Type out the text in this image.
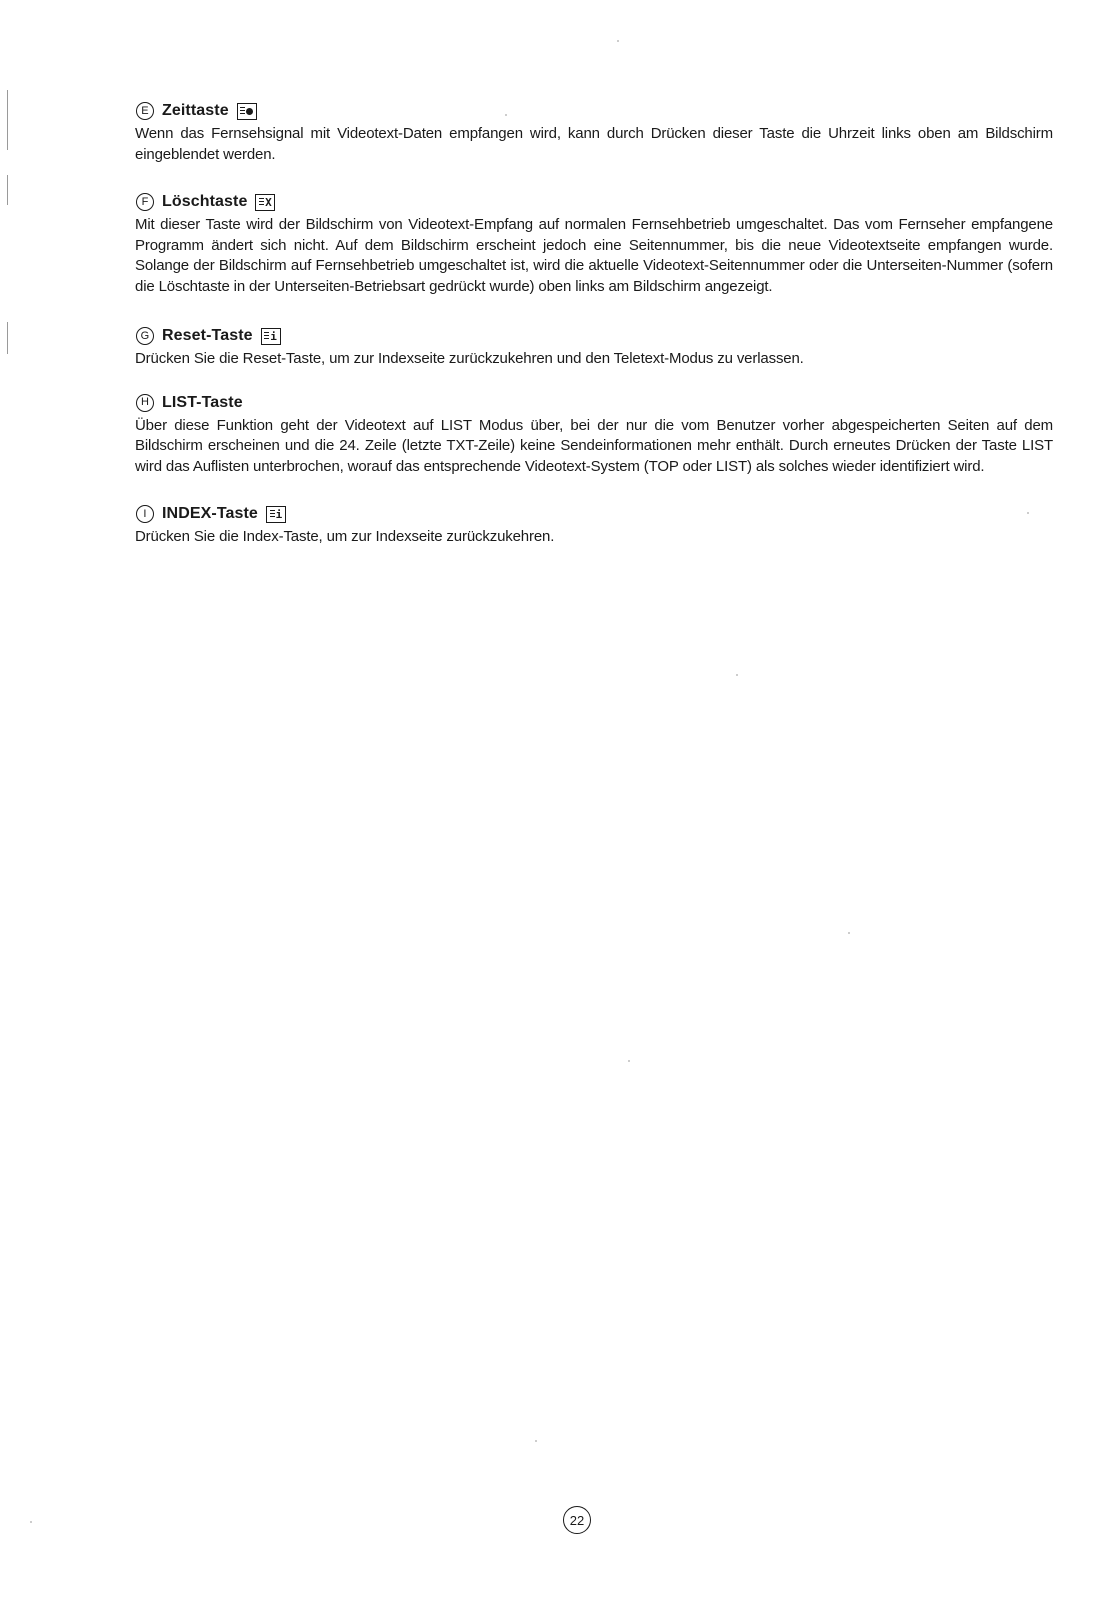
E Zeittaste

Wenn das Fernsehsignal mit Videotext-Daten empfangen wird, kann durch Drücken dieser Taste die Uhrzeit links oben am Bildschirm eingeblendet werden.

F Löschtaste X

Mit dieser Taste wird der Bildschirm von Videotext-Empfang auf normalen Fernsehbetrieb umgeschaltet. Das vom Fernseher empfangene Programm ändert sich nicht. Auf dem Bildschirm erscheint jedoch eine Seitennummer, bis die neue Videotextseite empfangen wurde. Solange der Bildschirm auf Fernsehbetrieb umgeschaltet ist, wird die aktuelle Videotext-Seitennummer oder die Unterseiten-Nummer (sofern die Löschtaste in der Unterseiten-Betriebsart gedrückt wurde) oben links am Bildschirm angezeigt.

G Reset-Taste i

Drücken Sie die Reset-Taste, um zur Indexseite zurückzukehren und den Teletext-Modus zu verlassen.

H LIST-Taste

Über diese Funktion geht der Videotext auf LIST Modus über, bei der nur die vom Benutzer vorher abgespeicherten Seiten auf dem Bildschirm erscheinen und die 24. Zeile (letzte TXT-Zeile) keine Sendeinformationen mehr enthält. Durch erneutes Drücken der Taste LIST wird das Auflisten unterbrochen, worauf das entsprechende Videotext-System (TOP oder LIST) als solches wieder identifiziert wird.

I INDEX-Taste i

Drücken Sie die Index-Taste, um zur Indexseite zurückzukehren.

22
